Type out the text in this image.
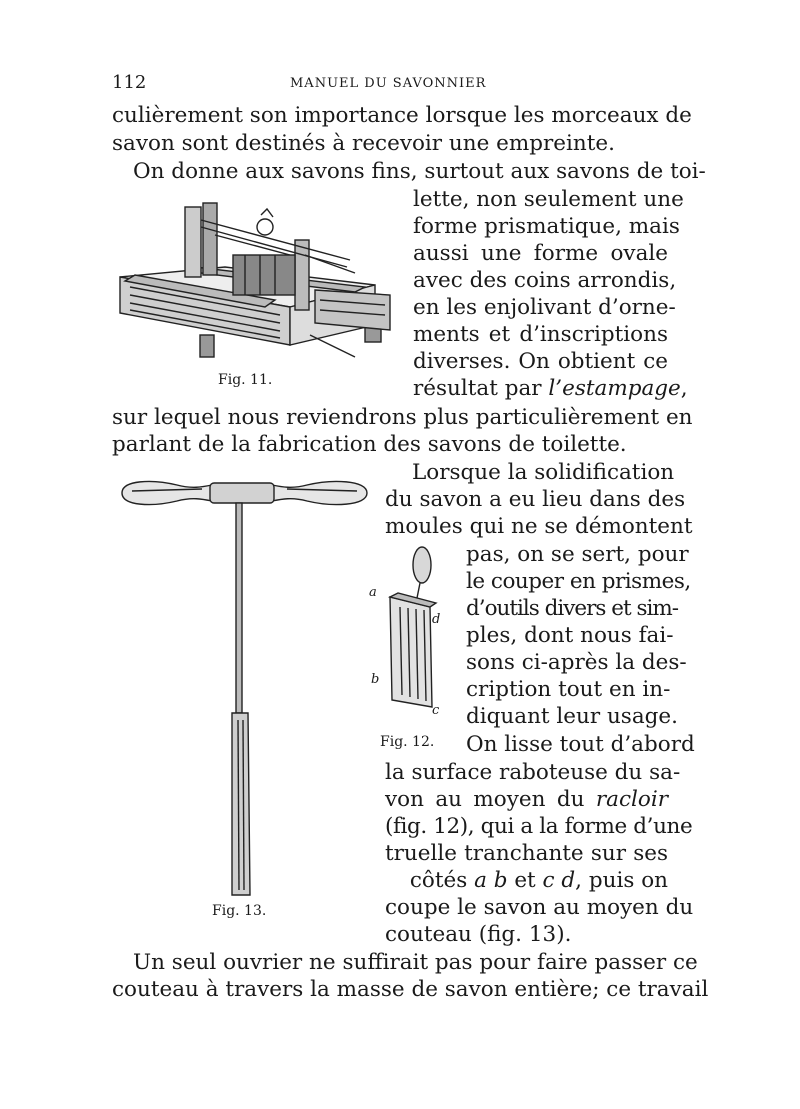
112	MANUEL DU SAVONNIER
culièrement son importance lorsque les morceaux de
savon sont destinés à recevoir une empreinte.
On donne aux savons fins, surtout aux savons de toi-
lette, non seulement une
forme prismatique, mais
aussi une forme ovale
avec des coins arrondis,
en les enjolivant d’orne-
ments et d’inscriptions
diverses. On obtient ce
résultat par l’estampage,
sur lequel nous reviendrons plus particulièrement en
parlant de la fabrication des savons de toilette.
Lorsque la solidification
du savon a eu lieu dans des
moules qui ne se démontent
pas, on se sert, pour
le couper en prismes,
d’outils divers et sim-
ples, dont nous fai-
sons ci-après la des-
cription tout en in-
diquant leur usage.
On lisse tout d’abord
la surface raboteuse du sa-
von au moyen du racloir
(fig. 12), qui a la forme d’une
truelle tranchante sur ses
côtés a b et c d, puis on
coupe le savon au moyen du
couteau (fig. 13).
Un seul ouvrier ne suffirait pas pour faire passer ce
couteau à travers la masse de savon entière; ce travail
Fig. 11.
Fig. 13.
a
d
b
c
Fig. 12.
